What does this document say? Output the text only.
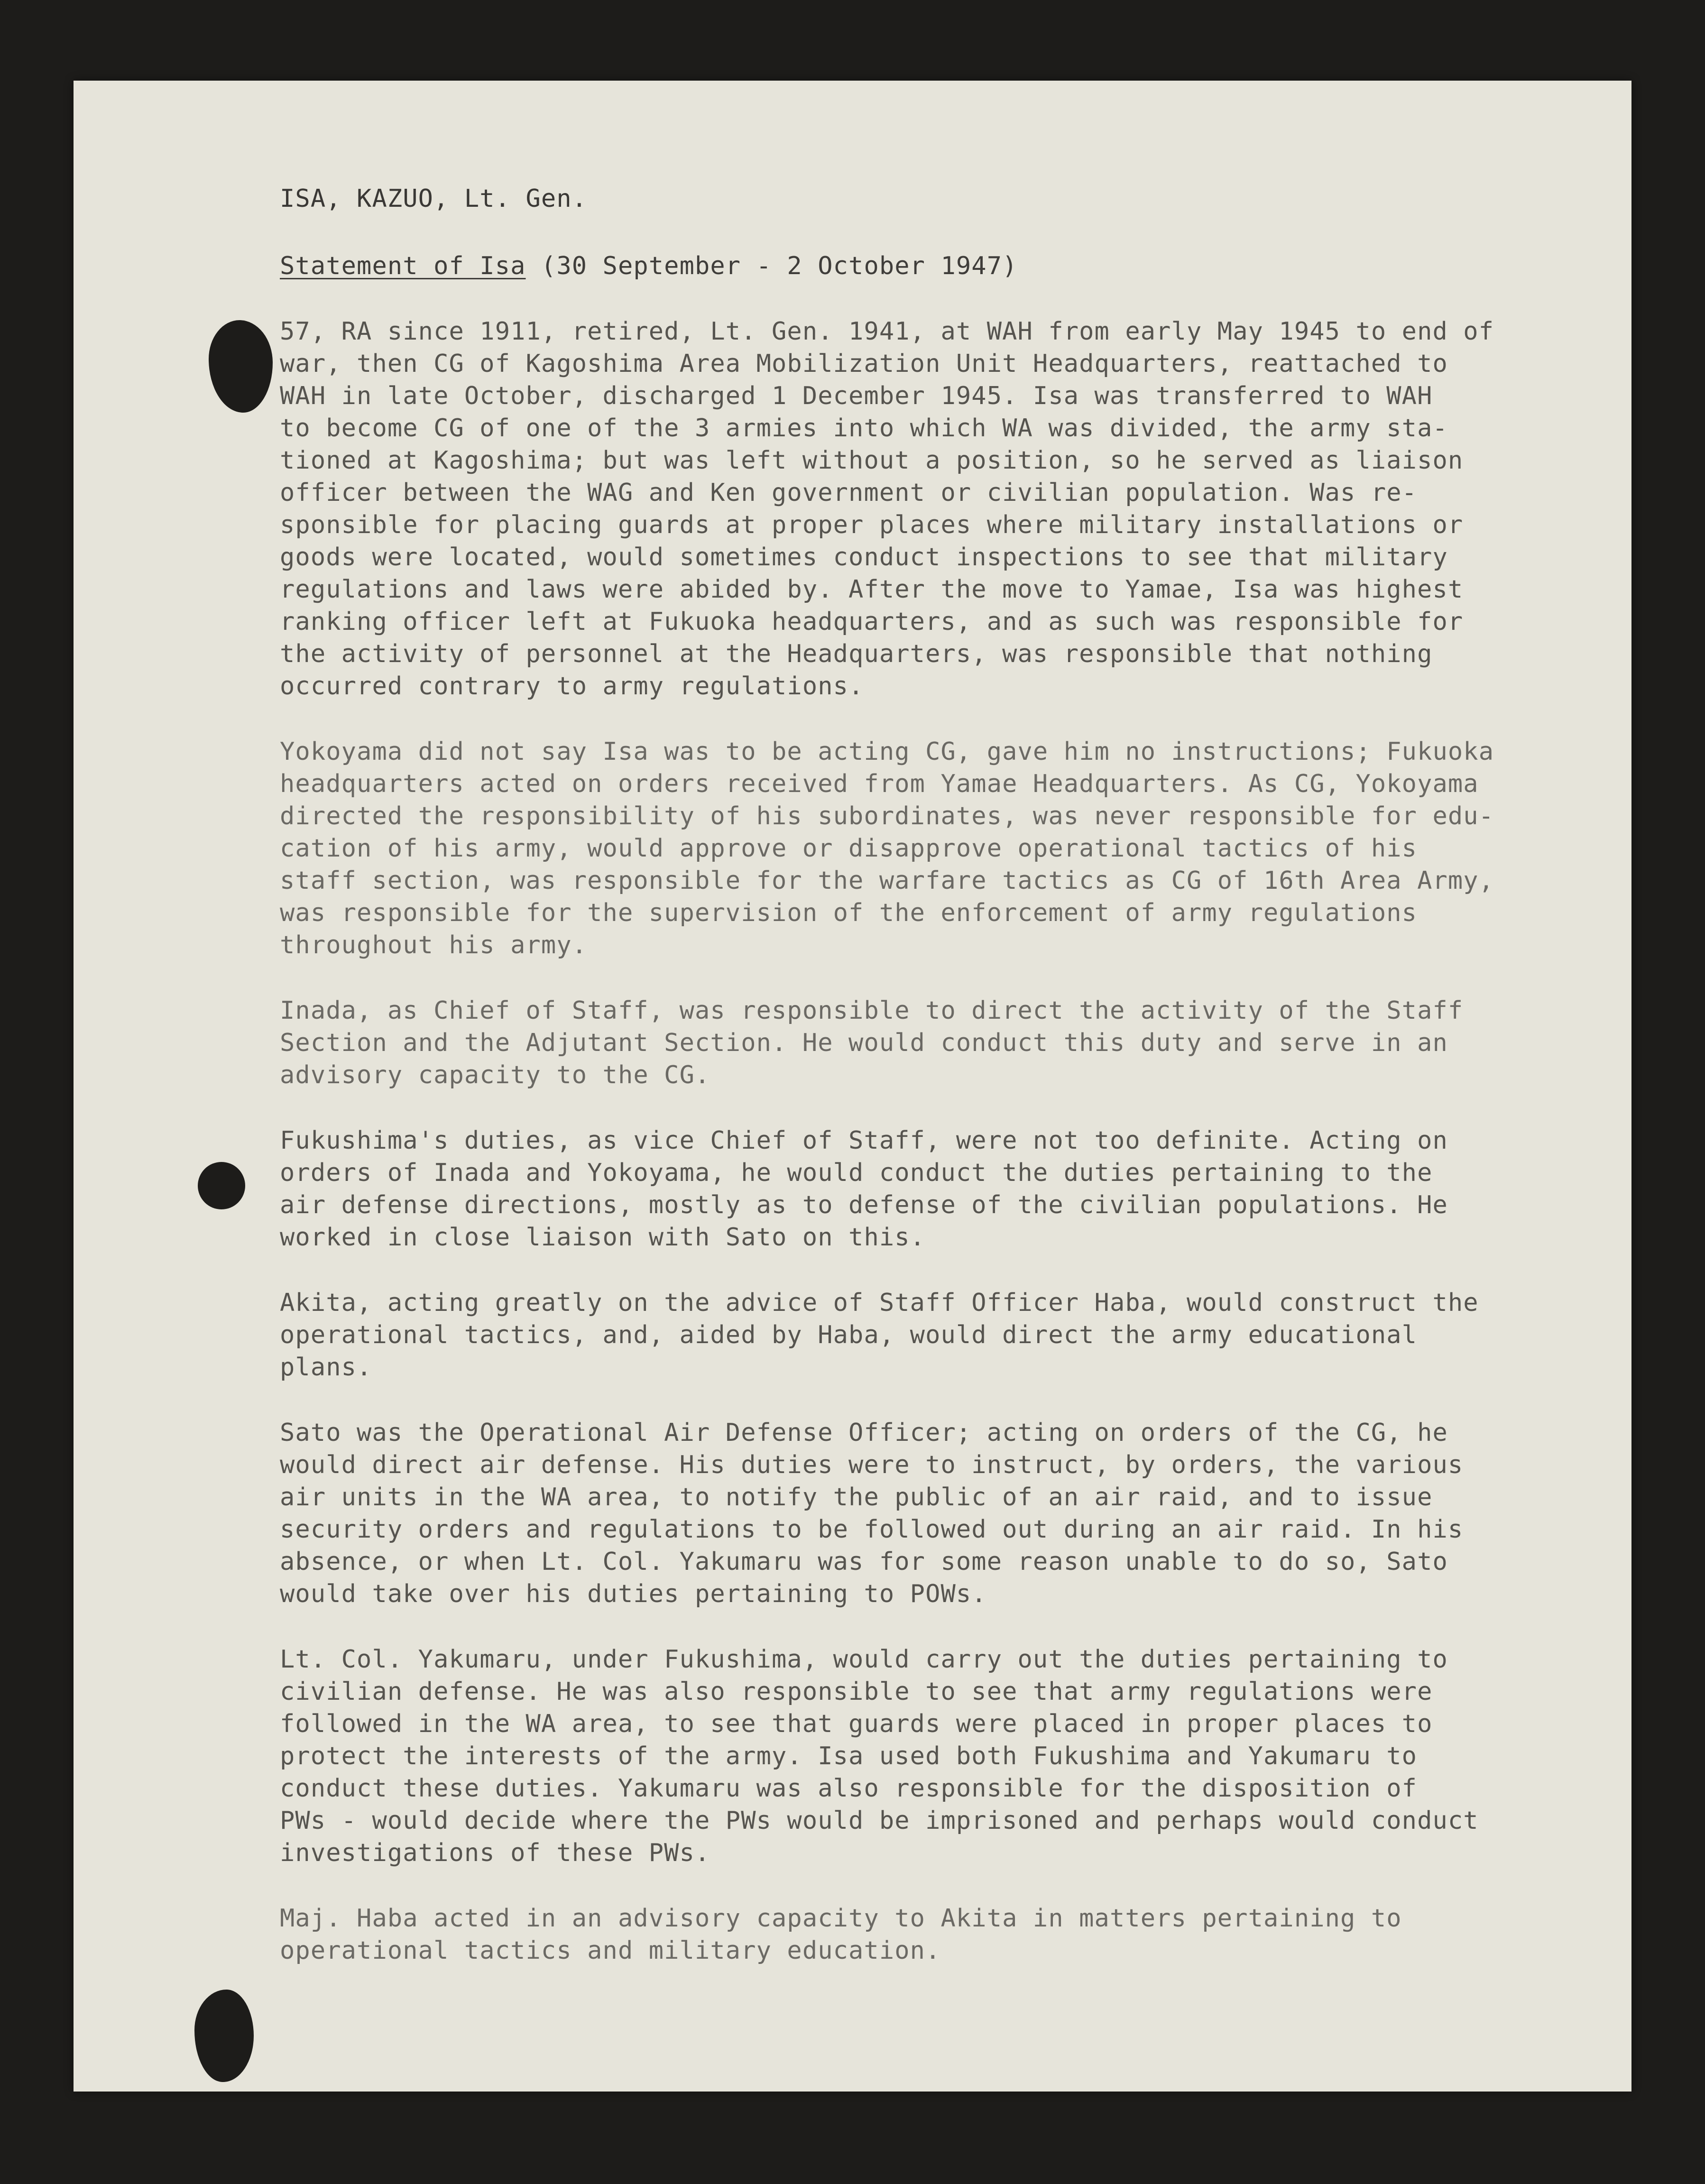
ISA, KAZUO, Lt. Gen.

Statement of Isa (30 September - 2 October 1947)

57, RA since 1911, retired, Lt. Gen. 1941, at WAH from early May 1945 to end of
war, then CG of Kagoshima Area Mobilization Unit Headquarters, reattached to
WAH in late October, discharged 1 December 1945. Isa was transferred to WAH
to become CG of one of the 3 armies into which WA was divided, the army sta-
tioned at Kagoshima; but was left without a position, so he served as liaison
officer between the WAG and Ken government or civilian population. Was re-
sponsible for placing guards at proper places where military installations or
goods were located, would sometimes conduct inspections to see that military
regulations and laws were abided by. After the move to Yamae, Isa was highest
ranking officer left at Fukuoka headquarters, and as such was responsible for
the activity of personnel at the Headquarters, was responsible that nothing
occurred contrary to army regulations.

Yokoyama did not say Isa was to be acting CG, gave him no instructions; Fukuoka
headquarters acted on orders received from Yamae Headquarters. As CG, Yokoyama
directed the responsibility of his subordinates, was never responsible for edu-
cation of his army, would approve or disapprove operational tactics of his
staff section, was responsible for the warfare tactics as CG of 16th Area Army,
was responsible for the supervision of the enforcement of army regulations
throughout his army.

Inada, as Chief of Staff, was responsible to direct the activity of the Staff
Section and the Adjutant Section. He would conduct this duty and serve in an
advisory capacity to the CG.

Fukushima's duties, as vice Chief of Staff, were not too definite. Acting on
orders of Inada and Yokoyama, he would conduct the duties pertaining to the
air defense directions, mostly as to defense of the civilian populations. He
worked in close liaison with Sato on this.

Akita, acting greatly on the advice of Staff Officer Haba, would construct the
operational tactics, and, aided by Haba, would direct the army educational
plans.

Sato was the Operational Air Defense Officer; acting on orders of the CG, he
would direct air defense. His duties were to instruct, by orders, the various
air units in the WA area, to notify the public of an air raid, and to issue
security orders and regulations to be followed out during an air raid. In his
absence, or when Lt. Col. Yakumaru was for some reason unable to do so, Sato
would take over his duties pertaining to POWs.

Lt. Col. Yakumaru, under Fukushima, would carry out the duties pertaining to
civilian defense. He was also responsible to see that army regulations were
followed in the WA area, to see that guards were placed in proper places to
protect the interests of the army. Isa used both Fukushima and Yakumaru to
conduct these duties. Yakumaru was also responsible for the disposition of
PWs - would decide where the PWs would be imprisoned and perhaps would conduct
investigations of these PWs.

Maj. Haba acted in an advisory capacity to Akita in matters pertaining to
operational tactics and military education.
